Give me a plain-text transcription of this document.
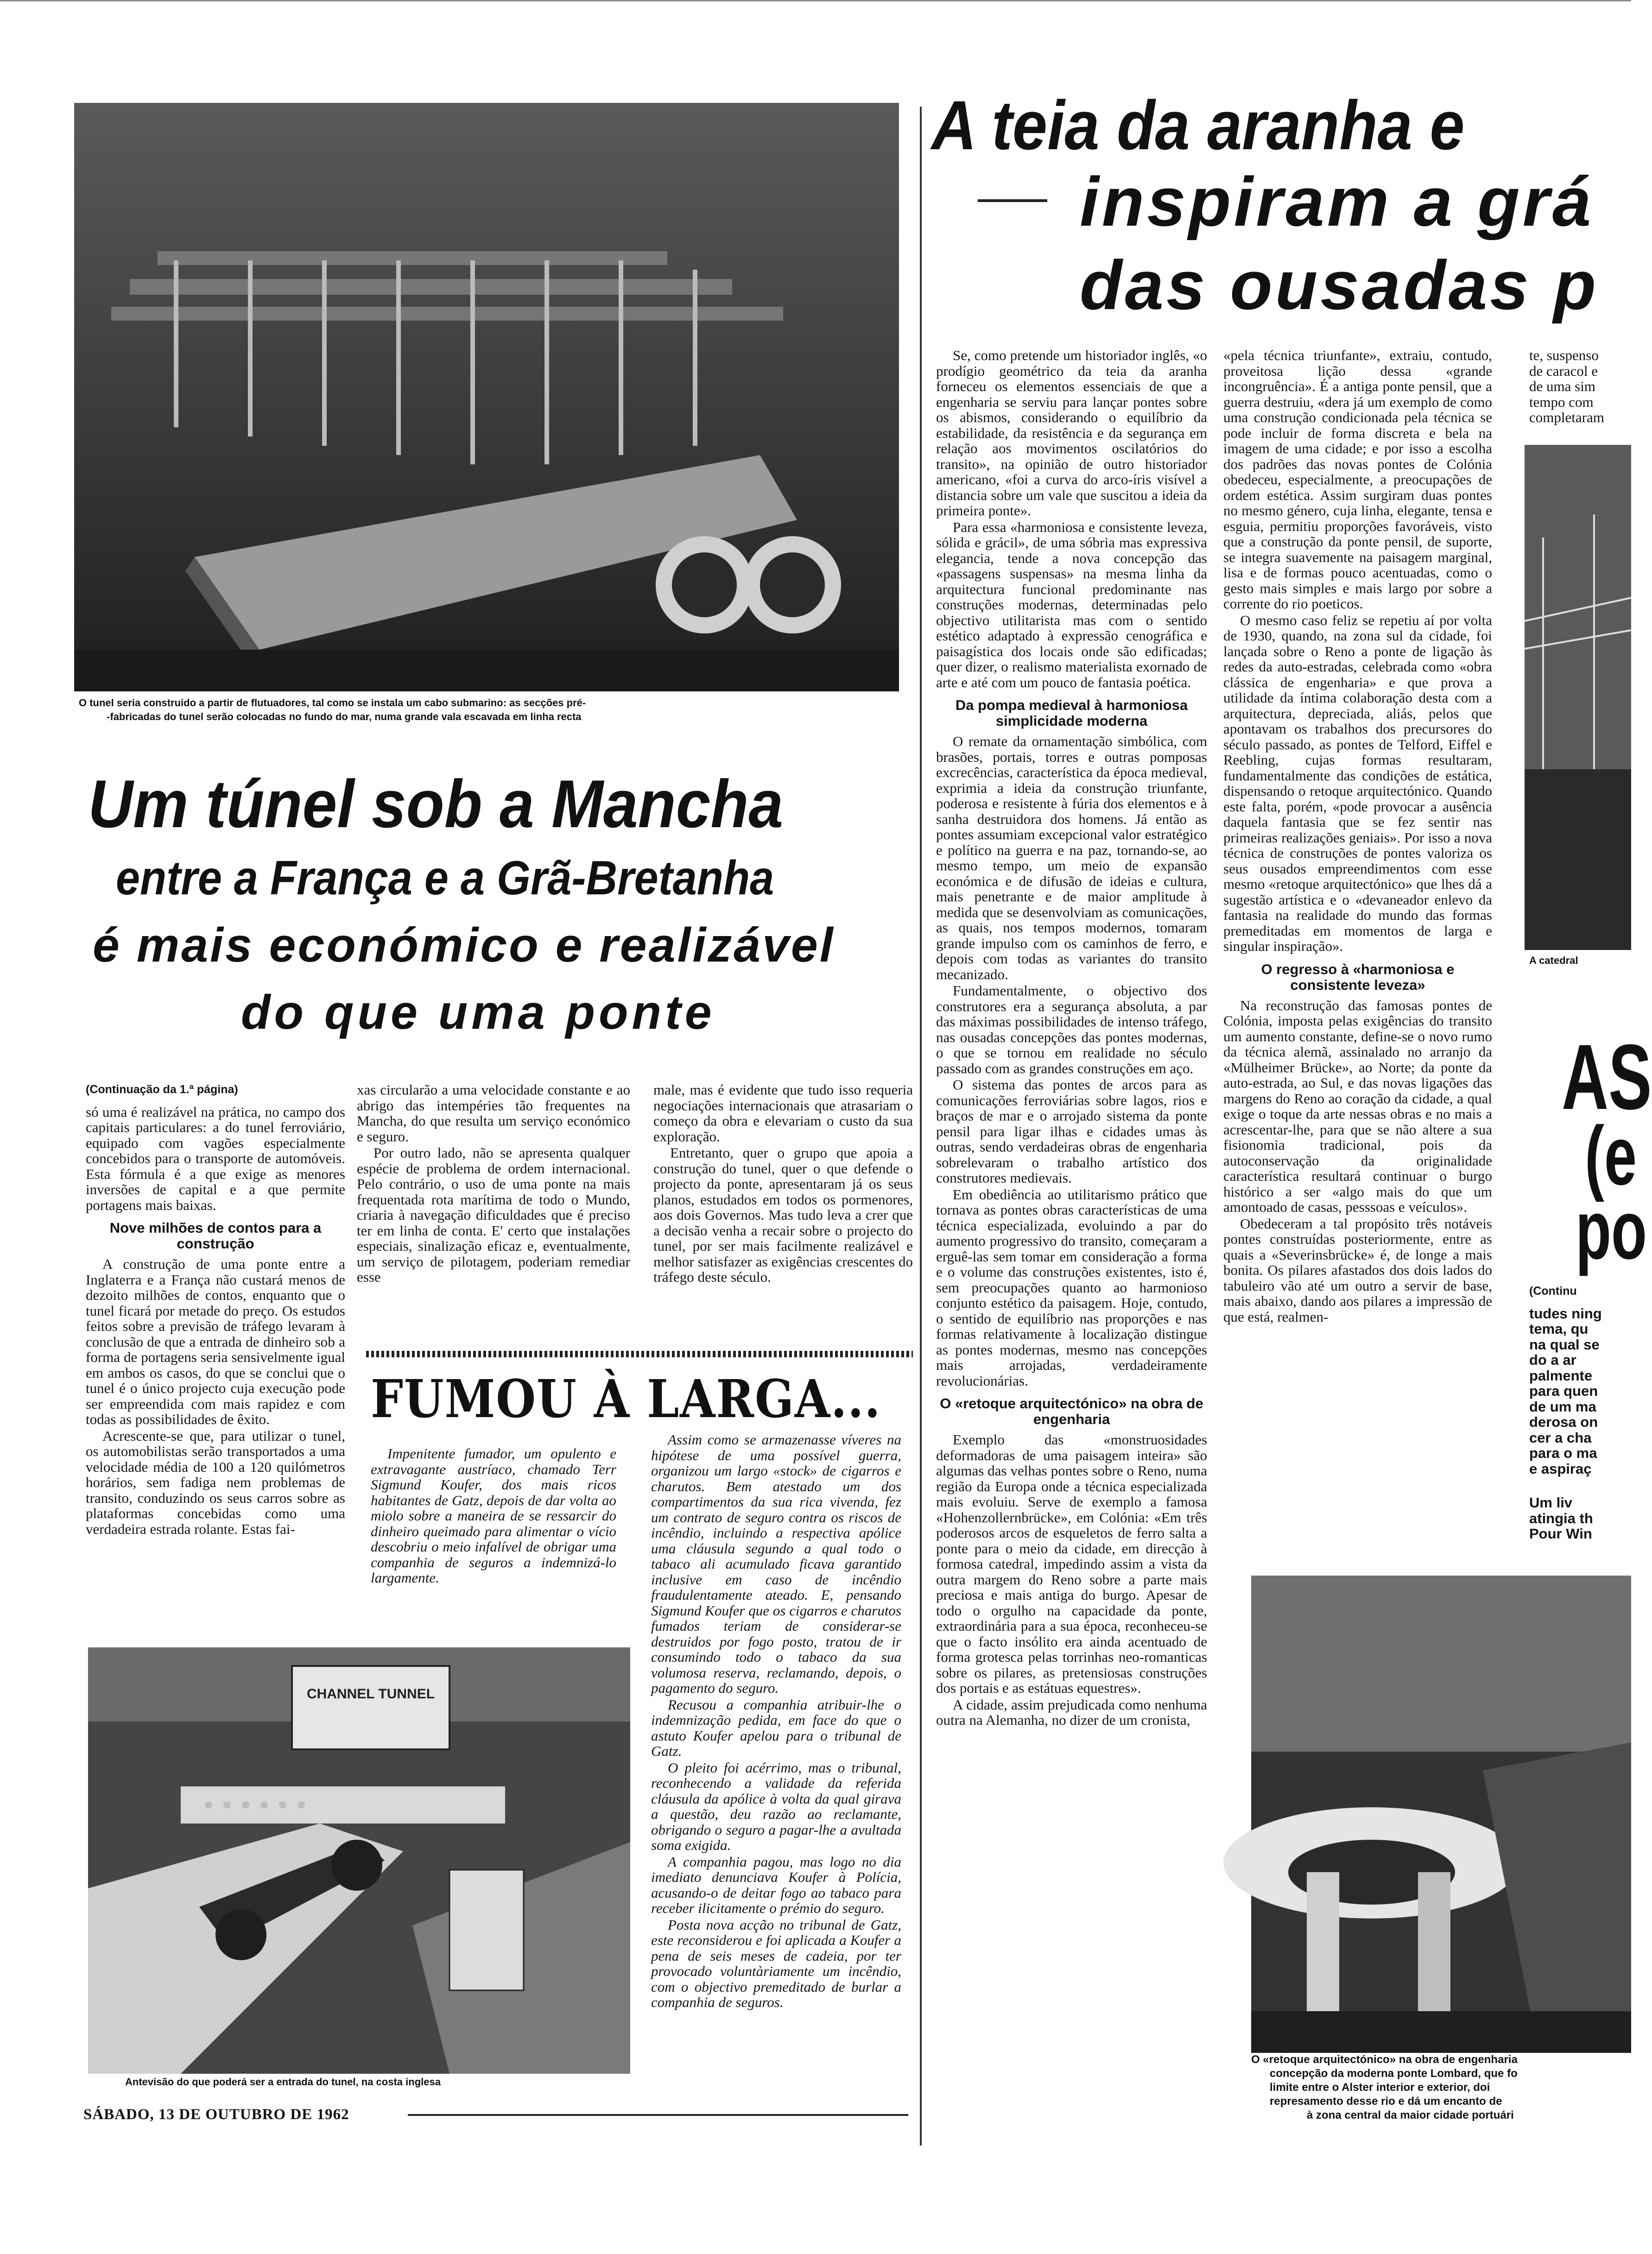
O tunel seria construido a partir de flutuadores, tal como se instala um cabo submarino: as secções pré-
-fabricadas do tunel serão colocadas no fundo do mar, numa grande vala escavada em linha recta
Um túnel sob a Mancha
entre a França e a Grã-Bretanha
é mais económico e realizável
do que uma ponte

(Continuação da 1.ª página)

só uma é realizável na prática, no campo dos capitais particulares: a do tunel ferroviário, equipado com vagões especialmente concebidos para o transporte de automóveis. Esta fórmula é a que exige as menores inversões de capital e a que permite portagens mais baixas.

Nove milhões de contos para a construção

A construção de uma ponte entre a Inglaterra e a França não custará menos de dezoito milhões de contos, enquanto que o tunel ficará por metade do preço. Os estudos feitos sobre a previsão de tráfego levaram à conclusão de que a entrada de dinheiro sob a forma de portagens seria sensivelmente igual em ambos os casos, do que se conclui que o tunel é o único projecto cuja execução pode ser empreendida com mais rapidez e com todas as possibilidades de êxito.

Acrescente-se que, para utilizar o tunel, os automobilistas serão transportados a uma velocidade média de 100 a 120 quilómetros horários, sem fadiga nem problemas de transito, conduzindo os seus carros sobre as plataformas concebidas como uma verdadeira estrada rolante. Estas fai-

xas circularão a uma velocidade constante e ao abrigo das intempéries tão frequentes na Mancha, do que resulta um serviço económico e seguro.

Por outro lado, não se apresenta qualquer espécie de problema de ordem internacional. Pelo contrário, o uso de uma ponte na mais frequentada rota marítima de todo o Mundo, criaria à navegação dificuldades que é preciso ter em linha de conta. E' certo que instalações especiais, sinalização eficaz e, eventualmente, um serviço de pilotagem, poderiam remediar esse

male, mas é evidente que tudo isso requeria negociações internacionais que atrasariam o começo da obra e elevariam o custo da sua exploração.

Entretanto, quer o grupo que apoia a construção do tunel, quer o que defende o projecto da ponte, apresentaram já os seus planos, estudados em todos os pormenores, aos dois Governos. Mas tudo leva a crer que a decisão venha a recair sobre o projecto do tunel, por ser mais facilmente realizável e melhor satisfazer as exigências crescentes do tráfego deste século.

FUMOU À LARGA...

Impenitente fumador, um opulento e extravagante austríaco, chamado Terr Sigmund Koufer, dos mais ricos habitantes de Gatz, depois de dar volta ao miolo sobre a maneira de se ressarcir do dinheiro queimado para alimentar o vício descobriu o meio infalível de obrigar uma companhia de seguros a indemnizá-lo largamente.

Assim como se armazenasse víveres na hipótese de uma possível guerra, organizou um largo «stock» de cigarros e charutos. Bem atestado um dos compartimentos da sua rica vivenda, fez um contrato de seguro contra os riscos de incêndio, incluindo a respectiva apólice uma cláusula segundo a qual todo o tabaco ali acumulado ficava garantido inclusive em caso de incêndio fraudulentamente ateado. E, pensando Sigmund Koufer que os cigarros e charutos fumados teriam de considerar-se destruidos por fogo posto, tratou de ir consumindo todo o tabaco da sua volumosa reserva, reclamando, depois, o pagamento do seguro.

Recusou a companhia atribuir-lhe o indemnização pedida, em face do que o astuto Koufer apelou para o tribunal de Gatz.

O pleito foi acérrimo, mas o tribunal, reconhecendo a validade da referida cláusula da apólice à volta da qual girava a questão, deu razão ao reclamante, obrigando o seguro a pagar-lhe a avultada soma exigida.

A companhia pagou, mas logo no dia imediato denunciava Koufer à Polícia, acusando-o de deitar fogo ao tabaco para receber ilicitamente o prémio do seguro.

Posta nova acção no tribunal de Gatz, este reconsiderou e foi aplicada a Koufer a pena de seis meses de cadeia, por ter provocado voluntàriamente um incêndio, com o objectivo premeditado de burlar a companhia de seguros.

CHANNEL TUNNEL
Antevisão do que poderá ser a entrada do tunel, na costa inglesa
SÁBADO, 13 DE OUTUBRO DE 1962
A teia da aranha e
inspiram a grá
das ousadas p

Se, como pretende um historiador inglês, «o prodígio geométrico da teia da aranha forneceu os elementos essenciais de que a engenharia se serviu para lançar pontes sobre os abismos, considerando o equilíbrio da estabilidade, da resistência e da segurança em relação aos movimentos oscilatórios do transito», na opinião de outro historiador americano, «foi a curva do arco-íris visível a distancia sobre um vale que suscitou a ideia da primeira ponte».

Para essa «harmoniosa e consistente leveza, sólida e grácil», de uma sóbria mas expressiva elegancia, tende a nova concepção das «passagens suspensas» na mesma linha da arquitectura funcional predominante nas construções modernas, determinadas pelo objectivo utilitarista mas com o sentido estético adaptado à expressão cenográfica e paisagística dos locais onde são edificadas; quer dizer, o realismo materialista exornado de arte e até com um pouco de fantasia poética.

Da pompa medieval à harmoniosa simplicidade moderna

O remate da ornamentação simbólica, com brasões, portais, torres e outras pomposas excrecências, característica da época medieval, exprimia a ideia da construção triunfante, poderosa e resistente à fúria dos elementos e à sanha destruidora dos homens. Já então as pontes assumiam excepcional valor estratégico e político na guerra e na paz, tornando-se, ao mesmo tempo, um meio de expansão económica e de difusão de ideias e cultura, mais penetrante e de maior amplitude à medida que se desenvolviam as comunicações, as quais, nos tempos modernos, tomaram grande impulso com os caminhos de ferro, e depois com todas as variantes do transito mecanizado.

Fundamentalmente, o objectivo dos construtores era a segurança absoluta, a par das máximas possibilidades de intenso tráfego, nas ousadas concepções das pontes modernas, o que se tornou em realidade no século passado com as grandes construções em aço.

O sistema das pontes de arcos para as comunicações ferroviárias sobre lagos, rios e braços de mar e o arrojado sistema da ponte pensil para ligar ilhas e cidades umas às outras, sendo verdadeiras obras de engenharia sobrelevaram o trabalho artístico dos construtores medievais.

Em obediência ao utilitarismo prático que tornava as pontes obras características de uma técnica especializada, evoluindo a par do aumento progressivo do transito, começaram a erguê-las sem tomar em consideração a forma e o volume das construções existentes, isto é, sem preocupações quanto ao harmonioso conjunto estético da paisagem. Hoje, contudo, o sentido de equilíbrio nas proporções e nas formas relativamente à localização distingue as pontes modernas, mesmo nas concepções mais arrojadas, verdadeiramente revolucionárias.

O «retoque arquitectónico» na obra de engenharia

Exemplo das «monstruosidades deformadoras de uma paisagem inteira» são algumas das velhas pontes sobre o Reno, numa região da Europa onde a técnica especializada mais evoluiu. Serve de exemplo a famosa «Hohenzollernbrücke», em Colónia: «Em três poderosos arcos de esqueletos de ferro salta a ponte para o meio da cidade, em direcção à formosa catedral, impedindo assim a vista da outra margem do Reno sobre a parte mais preciosa e mais antiga do burgo. Apesar de todo o orgulho na capacidade da ponte, extraordinária para a sua época, reconheceu-se que o facto insólito era ainda acentuado de forma grotesca pelas torrinhas neo-romanticas sobre os pilares, as pretensiosas construções dos portais e as estátuas equestres».

A cidade, assim prejudicada como nenhuma outra na Alemanha, no dizer de um cronista,

«pela técnica triunfante», extraiu, contudo, proveitosa lição dessa «grande incongruência». É a antiga ponte pensil, que a guerra destruiu, «dera já um exemplo de como uma construção condicionada pela técnica se pode incluir de forma discreta e bela na imagem de uma cidade; e por isso a escolha dos padrões das novas pontes de Colónia obedeceu, especialmente, a preocupações de ordem estética. Assim surgiram duas pontes no mesmo género, cuja linha, elegante, tensa e esguia, permitiu proporções favoráveis, visto que a construção da ponte pensil, de suporte, se integra suavemente na paisagem marginal, lisa e de formas pouco acentuadas, como o gesto mais simples e mais largo por sobre a corrente do rio poeticos.

O mesmo caso feliz se repetiu aí por volta de 1930, quando, na zona sul da cidade, foi lançada sobre o Reno a ponte de ligação às redes da auto-estradas, celebrada como «obra clássica de engenharia» e que prova a utilidade da íntima colaboração desta com a arquitectura, depreciada, aliás, pelos que apontavam os trabalhos dos precursores do século passado, as pontes de Telford, Eiffel e Reebling, cujas formas resultaram, fundamentalmente das condições de estática, dispensando o retoque arquitectónico. Quando este falta, porém, «pode provocar a ausência daquela fantasia que se fez sentir nas primeiras realizações geniais». Por isso a nova técnica de construções de pontes valoriza os seus ousados empreendimentos com esse mesmo «retoque arquitectónico» que lhes dá a sugestão artística e o «devaneador enlevo da fantasia na realidade do mundo das formas premeditadas em momentos de larga e singular inspiração».

O regresso à «harmoniosa e consistente leveza»

Na reconstrução das famosas pontes de Colónia, imposta pelas exigências do transito um aumento constante, define-se o novo rumo da técnica alemã, assinalado no arranjo da «Mülheimer Brücke», ao Norte; da ponte da auto-estrada, ao Sul, e das novas ligações das margens do Reno ao coração da cidade, a qual exige o toque da arte nessas obras e no mais a acrescentar-lhe, para que se não altere a sua fisionomia tradicional, pois da autoconservação da originalidade característica resultará continuar o burgo histórico a ser «algo mais do que um amontoado de casas, pesssoas e veículos».

Obedeceram a tal propósito três notáveis pontes construídas posteriormente, entre as quais a «Severinsbrücke» é, de longe a mais bonita. Os pilares afastados dos dois lados do tabuleiro vão até um outro a servir de base, mais abaixo, dando aos pilares a impressão de que está, realmen-

te, suspenso
de caracol e
de uma sim
tempo com
completaram
A catedral
AS
(e
po
(Continu
tudes ning
tema, qu
na qual se
do a ar
palmente
para quen
de um ma
derosa on
cer a cha
para o ma
e aspiraç
Um liv
atingia th
Pour Win
O «retoque arquitectónico» na obra de engenharia
concepção da moderna ponte Lombard, que fo
limite entre o Alster interior e exterior, doi
represamento desse rio e dá um encanto de
à zona central da maior cidade portuári
